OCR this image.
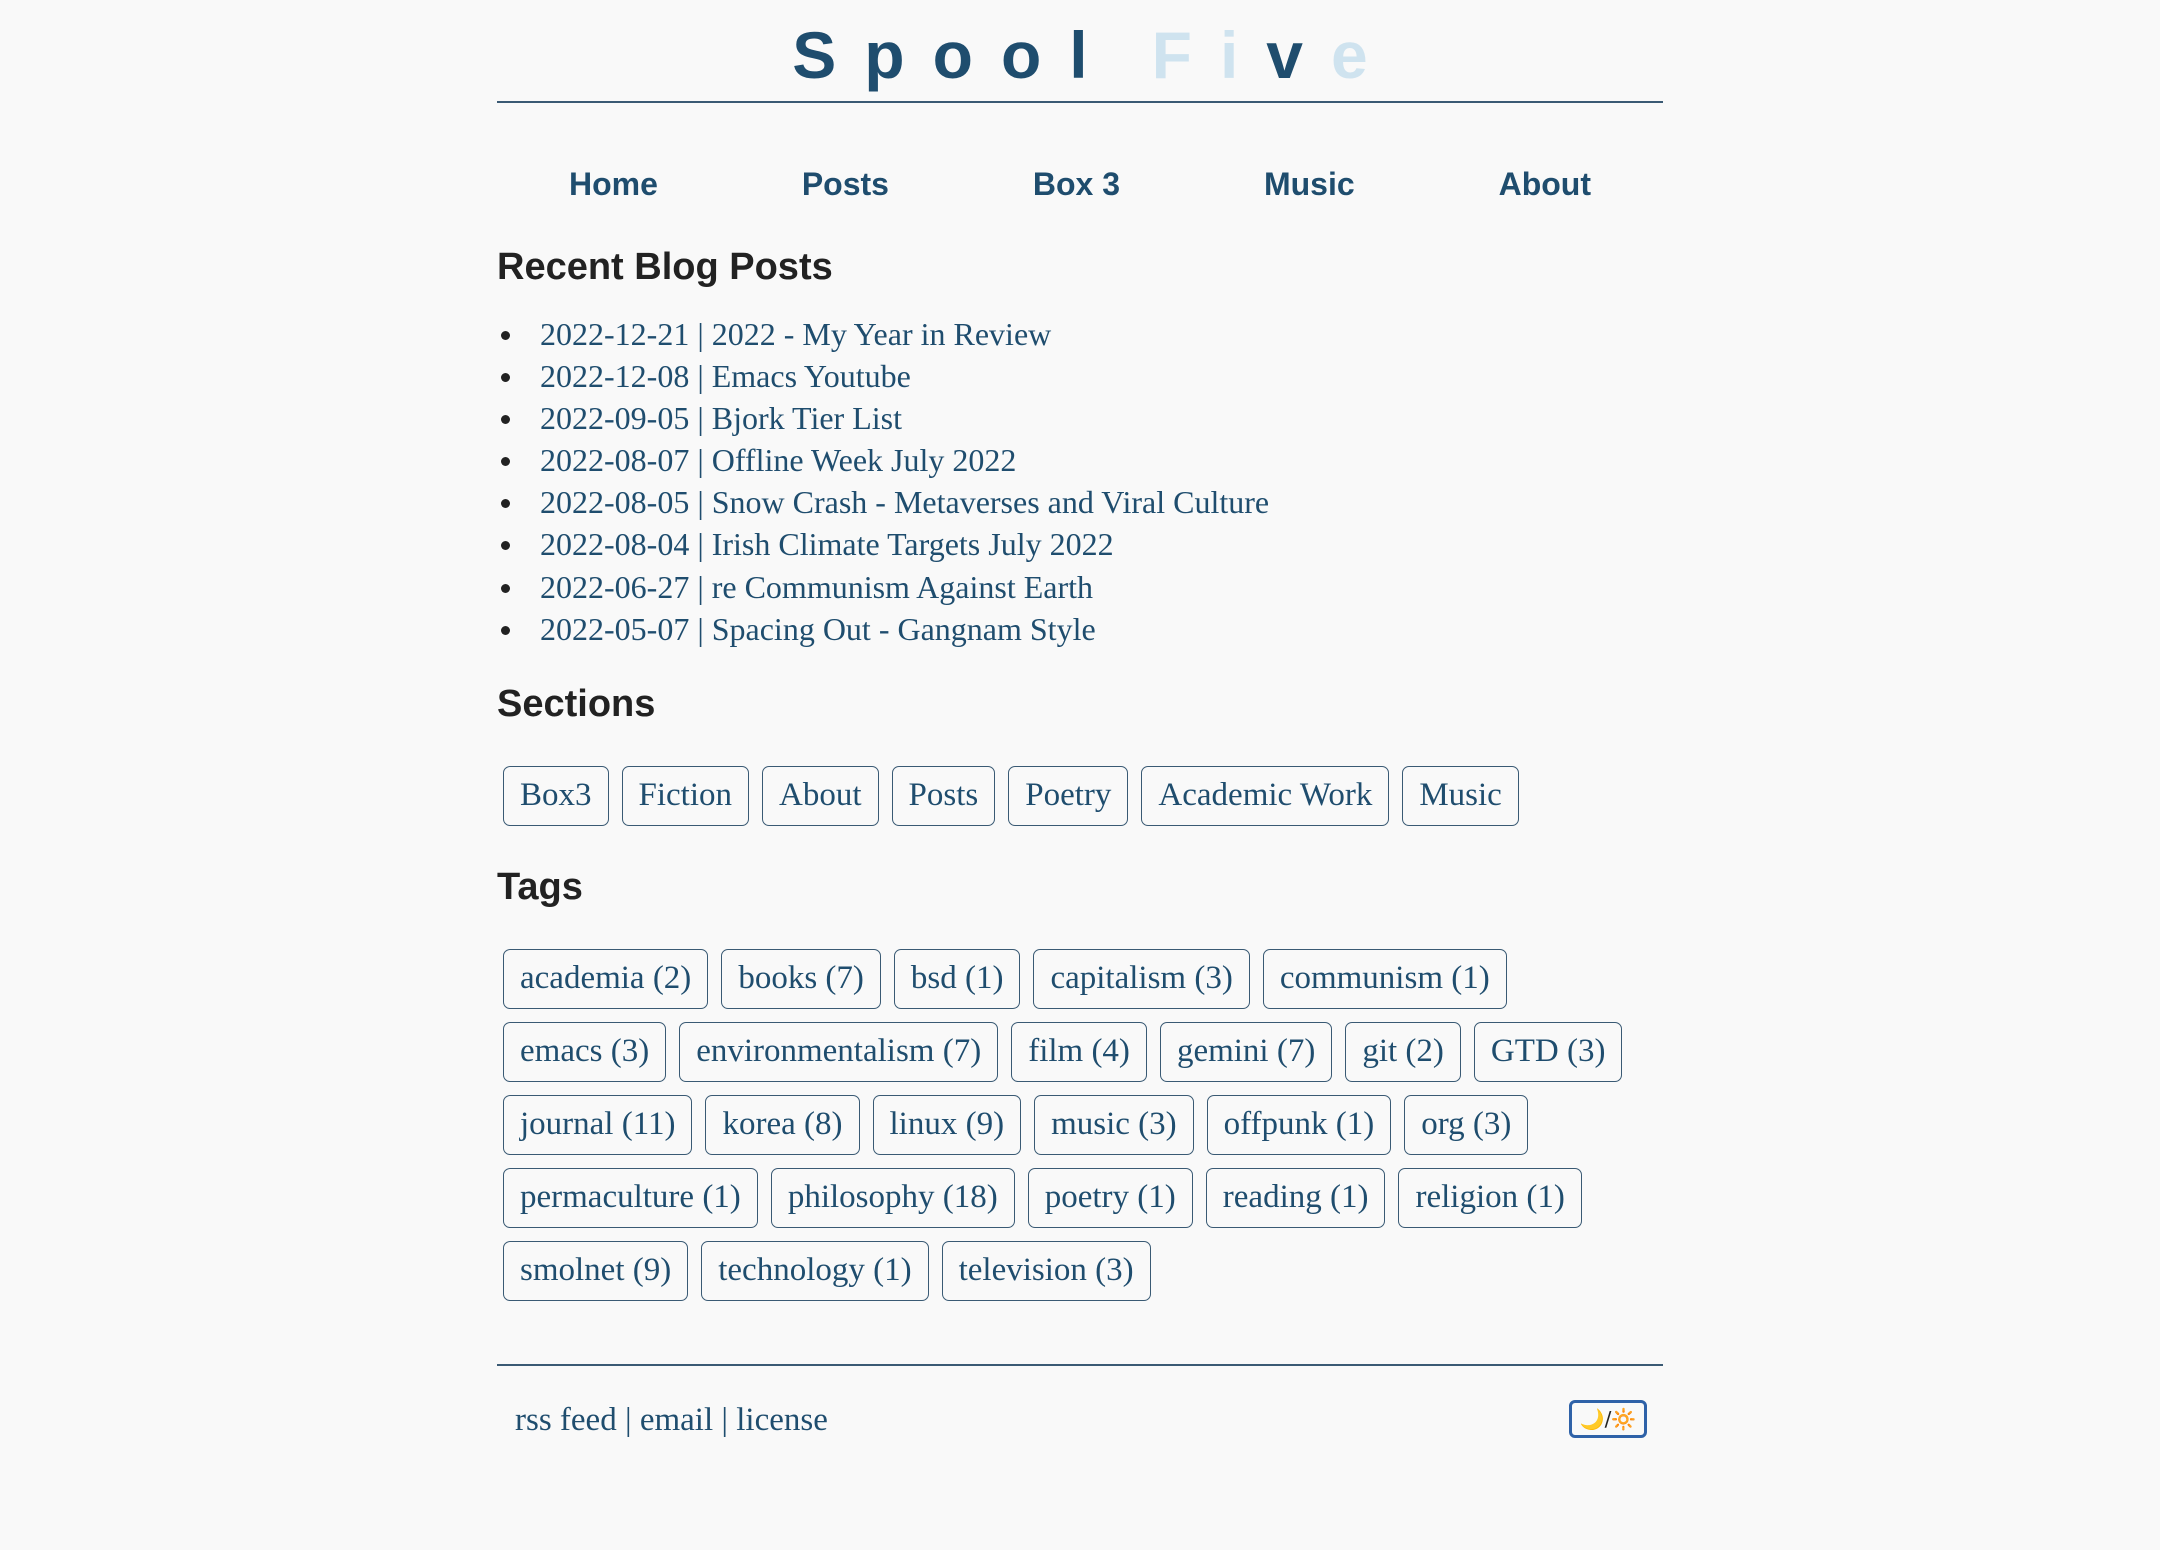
Spool Five
Home	Posts	Box 3	Music	About
Recent Blog Posts
2022-12-21 | 2022 - My Year in Review
2022-12-08 | Emacs Youtube
2022-09-05 | Bjork Tier List
2022-08-07 | Offline Week July 2022
2022-08-05 | Snow Crash - Metaverses and Viral Culture
2022-08-04 | Irish Climate Targets July 2022
2022-06-27 | re Communism Against Earth
2022-05-07 | Spacing Out - Gangnam Style
Sections
Box3	Fiction	About	Posts	Poetry	Academic Work	Music
Tags
academia (2)	books (7)	bsd (1)	capitalism (3)	communism (1)
emacs (3)	environmentalism (7)	film (4)	gemini (7)	git (2)	GTD (3)
journal (11)	korea (8)	linux (9)	music (3)	offpunk (1)	org (3)
permaculture (1)	philosophy (18)	poetry (1)	reading (1)	religion (1)
smolnet (9)	technology (1)	television (3)
rss feed | email | license	🌙/🔆
